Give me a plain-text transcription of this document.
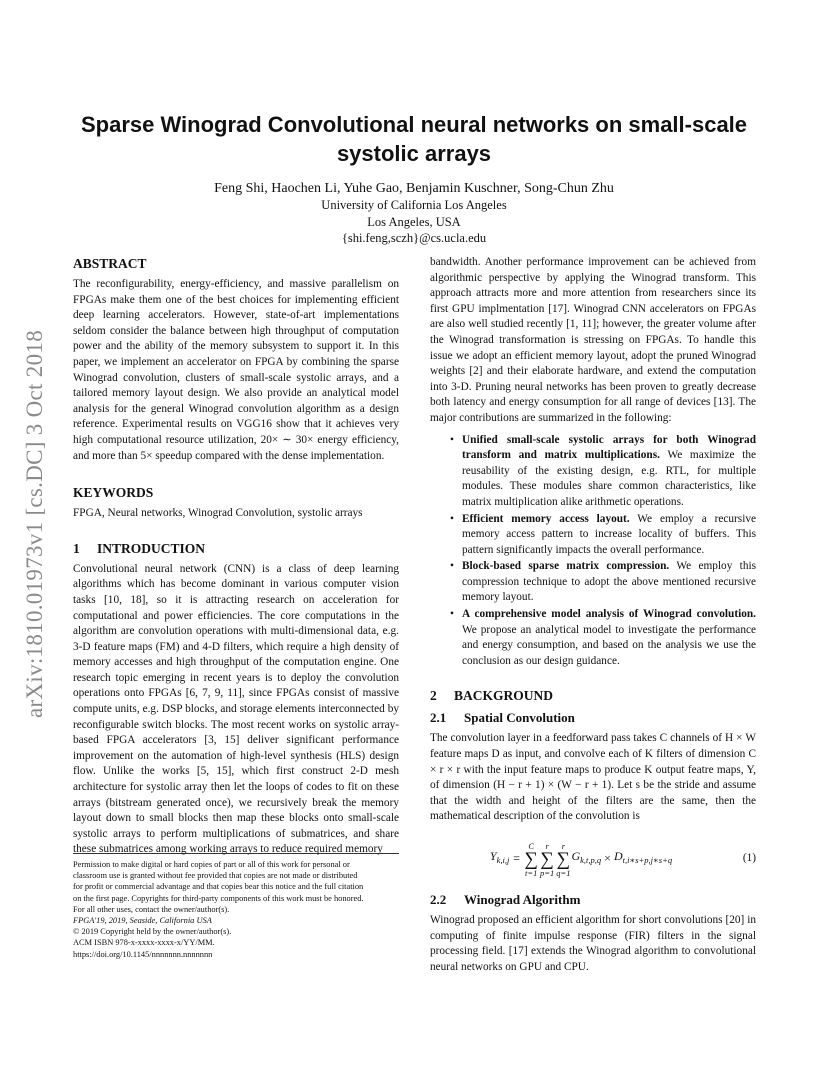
arXiv:1810.01973v1 [cs.DC] 3 Oct 2018
Sparse Winograd Convolutional neural networks on small-scale systolic arrays
Feng Shi, Haochen Li, Yuhe Gao, Benjamin Kuschner, Song-Chun Zhu
University of California Los Angeles
Los Angeles, USA
{shi.feng,sczh}@cs.ucla.edu
ABSTRACT

The reconfigurability, energy-efficiency, and massive parallelism on FPGAs make them one of the best choices for implementing efficient deep learning accelerators. However, state-of-art implementations seldom consider the balance between high throughput of computation power and the ability of the memory subsystem to support it. In this paper, we implement an accelerator on FPGA by combining the sparse Winograd convolution, clusters of small-scale systolic arrays, and a tailored memory layout design. We also provide an analytical model analysis for the general Winograd convolution algorithm as a design reference. Experimental results on VGG16 show that it achieves very high computational resource utilization, 20× ∼ 30× energy efficiency, and more than 5× speedup compared with the dense implementation.

KEYWORDS

FPGA, Neural networks, Winograd Convolution, systolic arrays

1 INTRODUCTION

Convolutional neural network (CNN) is a class of deep learning algorithms which has become dominant in various computer vision tasks [10, 18], so it is attracting research on acceleration for computational and power efficiencies. The core computations in the algorithm are convolution operations with multi-dimensional data, e.g. 3-D feature maps (FM) and 4-D filters, which require a high density of memory accesses and high throughput of the computation engine. One research topic emerging in recent years is to deploy the convolution operations onto FPGAs [6, 7, 9, 11], since FPGAs consist of massive compute units, e.g. DSP blocks, and storage elements interconnected by reconfigurable switch blocks. The most recent works on systolic array-based FPGA accelerators [3, 15] deliver significant performance improvement on the automation of high-level synthesis (HLS) design flow. Unlike the works [5, 15], which first construct 2-D mesh architecture for systolic array then let the loops of codes to fit on these arrays (bitstream generated once), we recursively break the memory layout down to small blocks then map these blocks onto small-scale systolic arrays to perform multiplications of submatrices, and share these submatrices among working arrays to reduce required memory

Permission to make digital or hard copies of part or all of this work for personal or
classroom use is granted without fee provided that copies are not made or distributed
for profit or commercial advantage and that copies bear this notice and the full citation
on the first page. Copyrights for third-party components of this work must be honored.
For all other uses, contact the owner/author(s).
FPGA'19, 2019, Seaside, California USA
© 2019 Copyright held by the owner/author(s).
ACM ISBN 978-x-xxxx-xxxx-x/YY/MM.
https://doi.org/10.1145/nnnnnnn.nnnnnnn

bandwidth. Another performance improvement can be achieved from algorithmic perspective by applying the Winograd transform. This approach attracts more and more attention from researchers since its first GPU implmentation [17]. Winograd CNN accelerators on FPGAs are also well studied recently [1, 11]; however, the greater volume after the Winograd transformation is stressing on FPGAs. To handle this issue we adopt an efficient memory layout, adopt the pruned Winograd weights [2] and their elaborate hardware, and extend the computation into 3-D. Pruning neural networks has been proven to greatly decrease both latency and energy consumption for all range of devices [13]. The major contributions are summarized in the following:

• Unified small-scale systolic arrays for both Winograd transform and matrix multiplications. We maximize the reusability of the existing design, e.g. RTL, for multiple modules. These modules share common characteristics, like matrix multiplication alike arithmetic operations.
• Efficient memory access layout. We employ a recursive memory access pattern to increase locality of buffers. This pattern significantly impacts the overall performance.
• Block-based sparse matrix compression. We employ this compression technique to adopt the above mentioned recursive memory layout.
• A comprehensive model analysis of Winograd convolution. We propose an analytical model to investigate the performance and energy consumption, and based on the analysis we use the conclusion as our design guidance.
2 BACKGROUND
2.1 Spatial Convolution

The convolution layer in a feedforward pass takes C channels of H × W feature maps D as input, and convolve each of K filters of dimension C × r × r with the input feature maps to produce K output featre maps, Y, of dimension (H − r + 1) × (W − r + 1). Let s be the stride and assume that the width and height of the filters are the same, then the mathematical description of the convolution is

$Y_{k,i,j}$ =
C
∑
t=1
r
∑
p=1
r
∑
q=1
$G_{k,t,p,q}$
×
$D_{t,i∗s+p,j∗s+q}$	(1)
2.2 Winograd Algorithm

Winograd proposed an efficient algorithm for short convolutions [20] in computing of finite impulse response (FIR) filters in the signal processing field. [17] extends the Winograd algorithm to convolutional neural networks on GPU and CPU.
